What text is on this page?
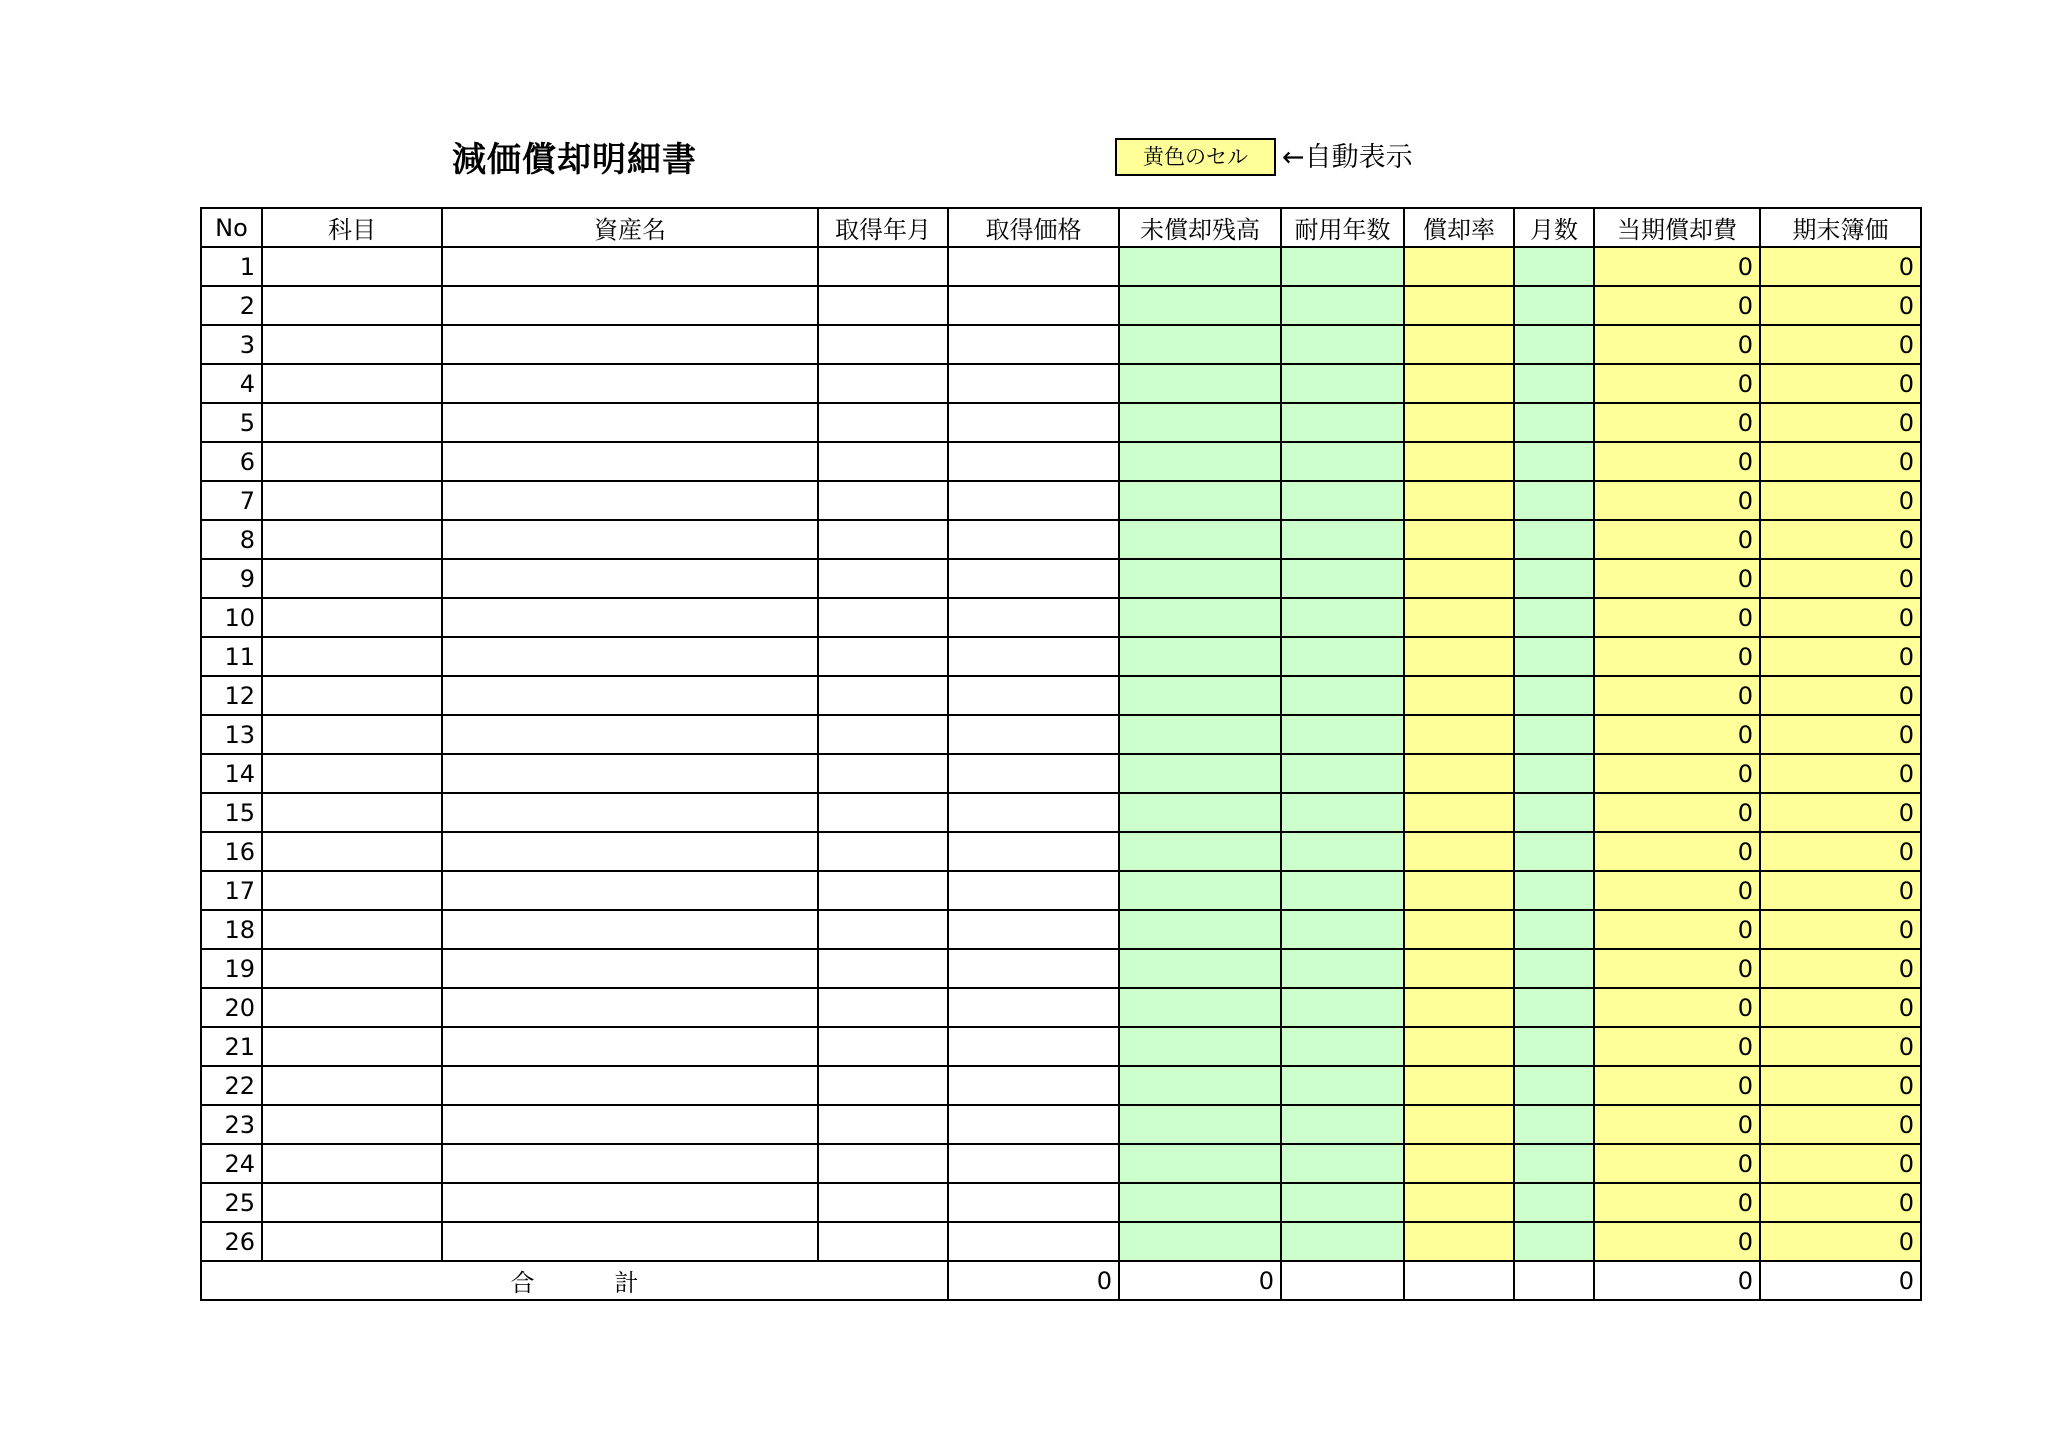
減価償却明細書	黄色のセル	←自動表示
No	科目	資産名	取得年月	取得価格	未償却残高	耐用年数	償却率	月数	当期償却費	期末簿価
1									0	0
2									0	0
3									0	0
4									0	0
5									0	0
6									0	0
7									0	0
8									0	0
9									0	0
10									0	0
11									0	0
12									0	0
13									0	0
14									0	0
15									0	0
16									0	0
17									0	0
18									0	0
19									0	0
20									0	0
21									0	0
22									0	0
23									0	0
24									0	0
25									0	0
26									0	0
合 計				0	0				0	0
